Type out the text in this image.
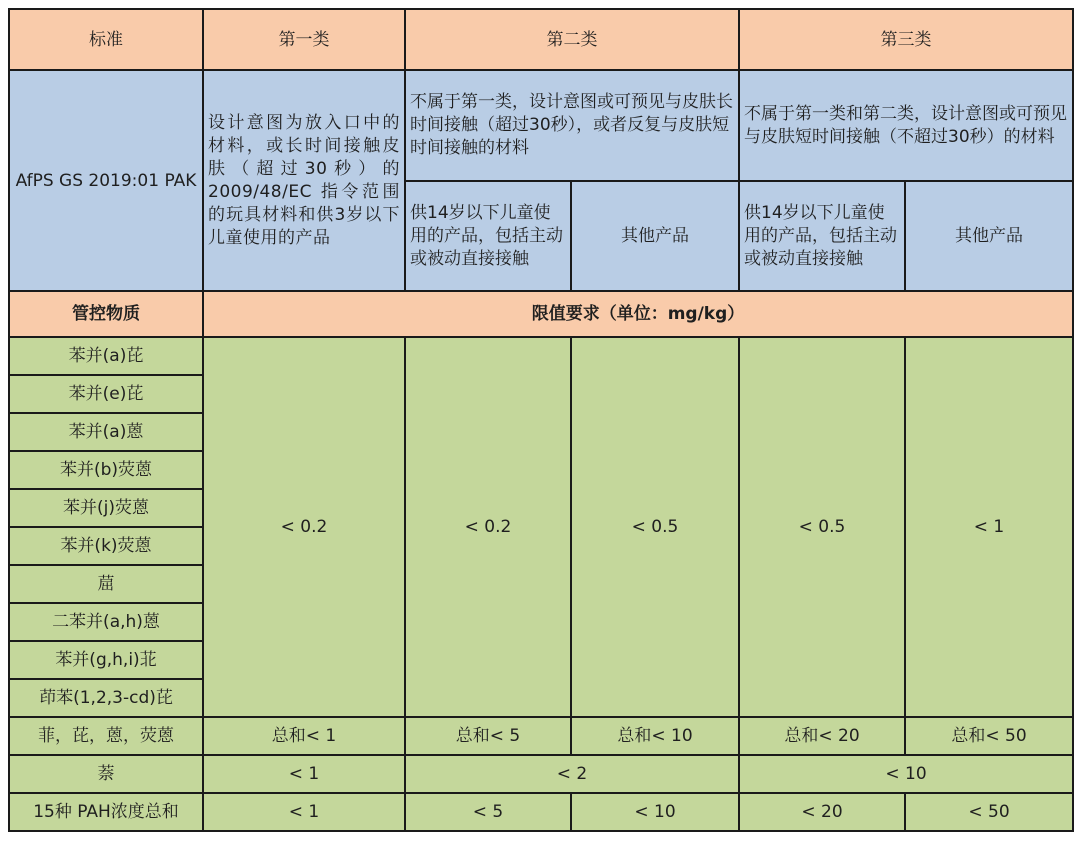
标准	第一类	第二类		第三类	
AfPS GS 2019:01 PAK	设计意图为放入口中的材料，或长时间接触皮肤（超过30秒）的 2009/48/EC 指令范围的玩具材料和供3岁以下儿童使用的产品	不属于第一类，设计意图或可预见与皮肤长时间接触（超过30秒），或者反复与皮肤短时间接触的材料		不属于第一类和第二类，设计意图或可预见与皮肤短时间接触（不超过30秒）的材料	
		供14岁以下儿童使用的产品，包括主动或被动直接接触	其他产品	供14岁以下儿童使用的产品，包括主动或被动直接接触	其他产品
管控物质	限值要求（单位：mg/kg）				
苯并(a)芘	< 0.2	< 0.2	< 0.5	< 0.5	< 1
苯并(e)芘					
苯并(a)蒽					
苯并(b)荧蒽					
苯并(j)荧蒽					
苯并(k)荧蒽					
䓛					
二苯并(a,h)蒽					
苯并(g,h,i)苝					
茚苯(1,2,3-cd)芘					
菲，芘，蒽，荧蒽	总和< 1	总和< 5	总和< 10	总和< 20	总和< 50
萘	< 1	< 2		< 10	
15种 PAH浓度总和	< 1	< 5	< 10	< 20	< 50
